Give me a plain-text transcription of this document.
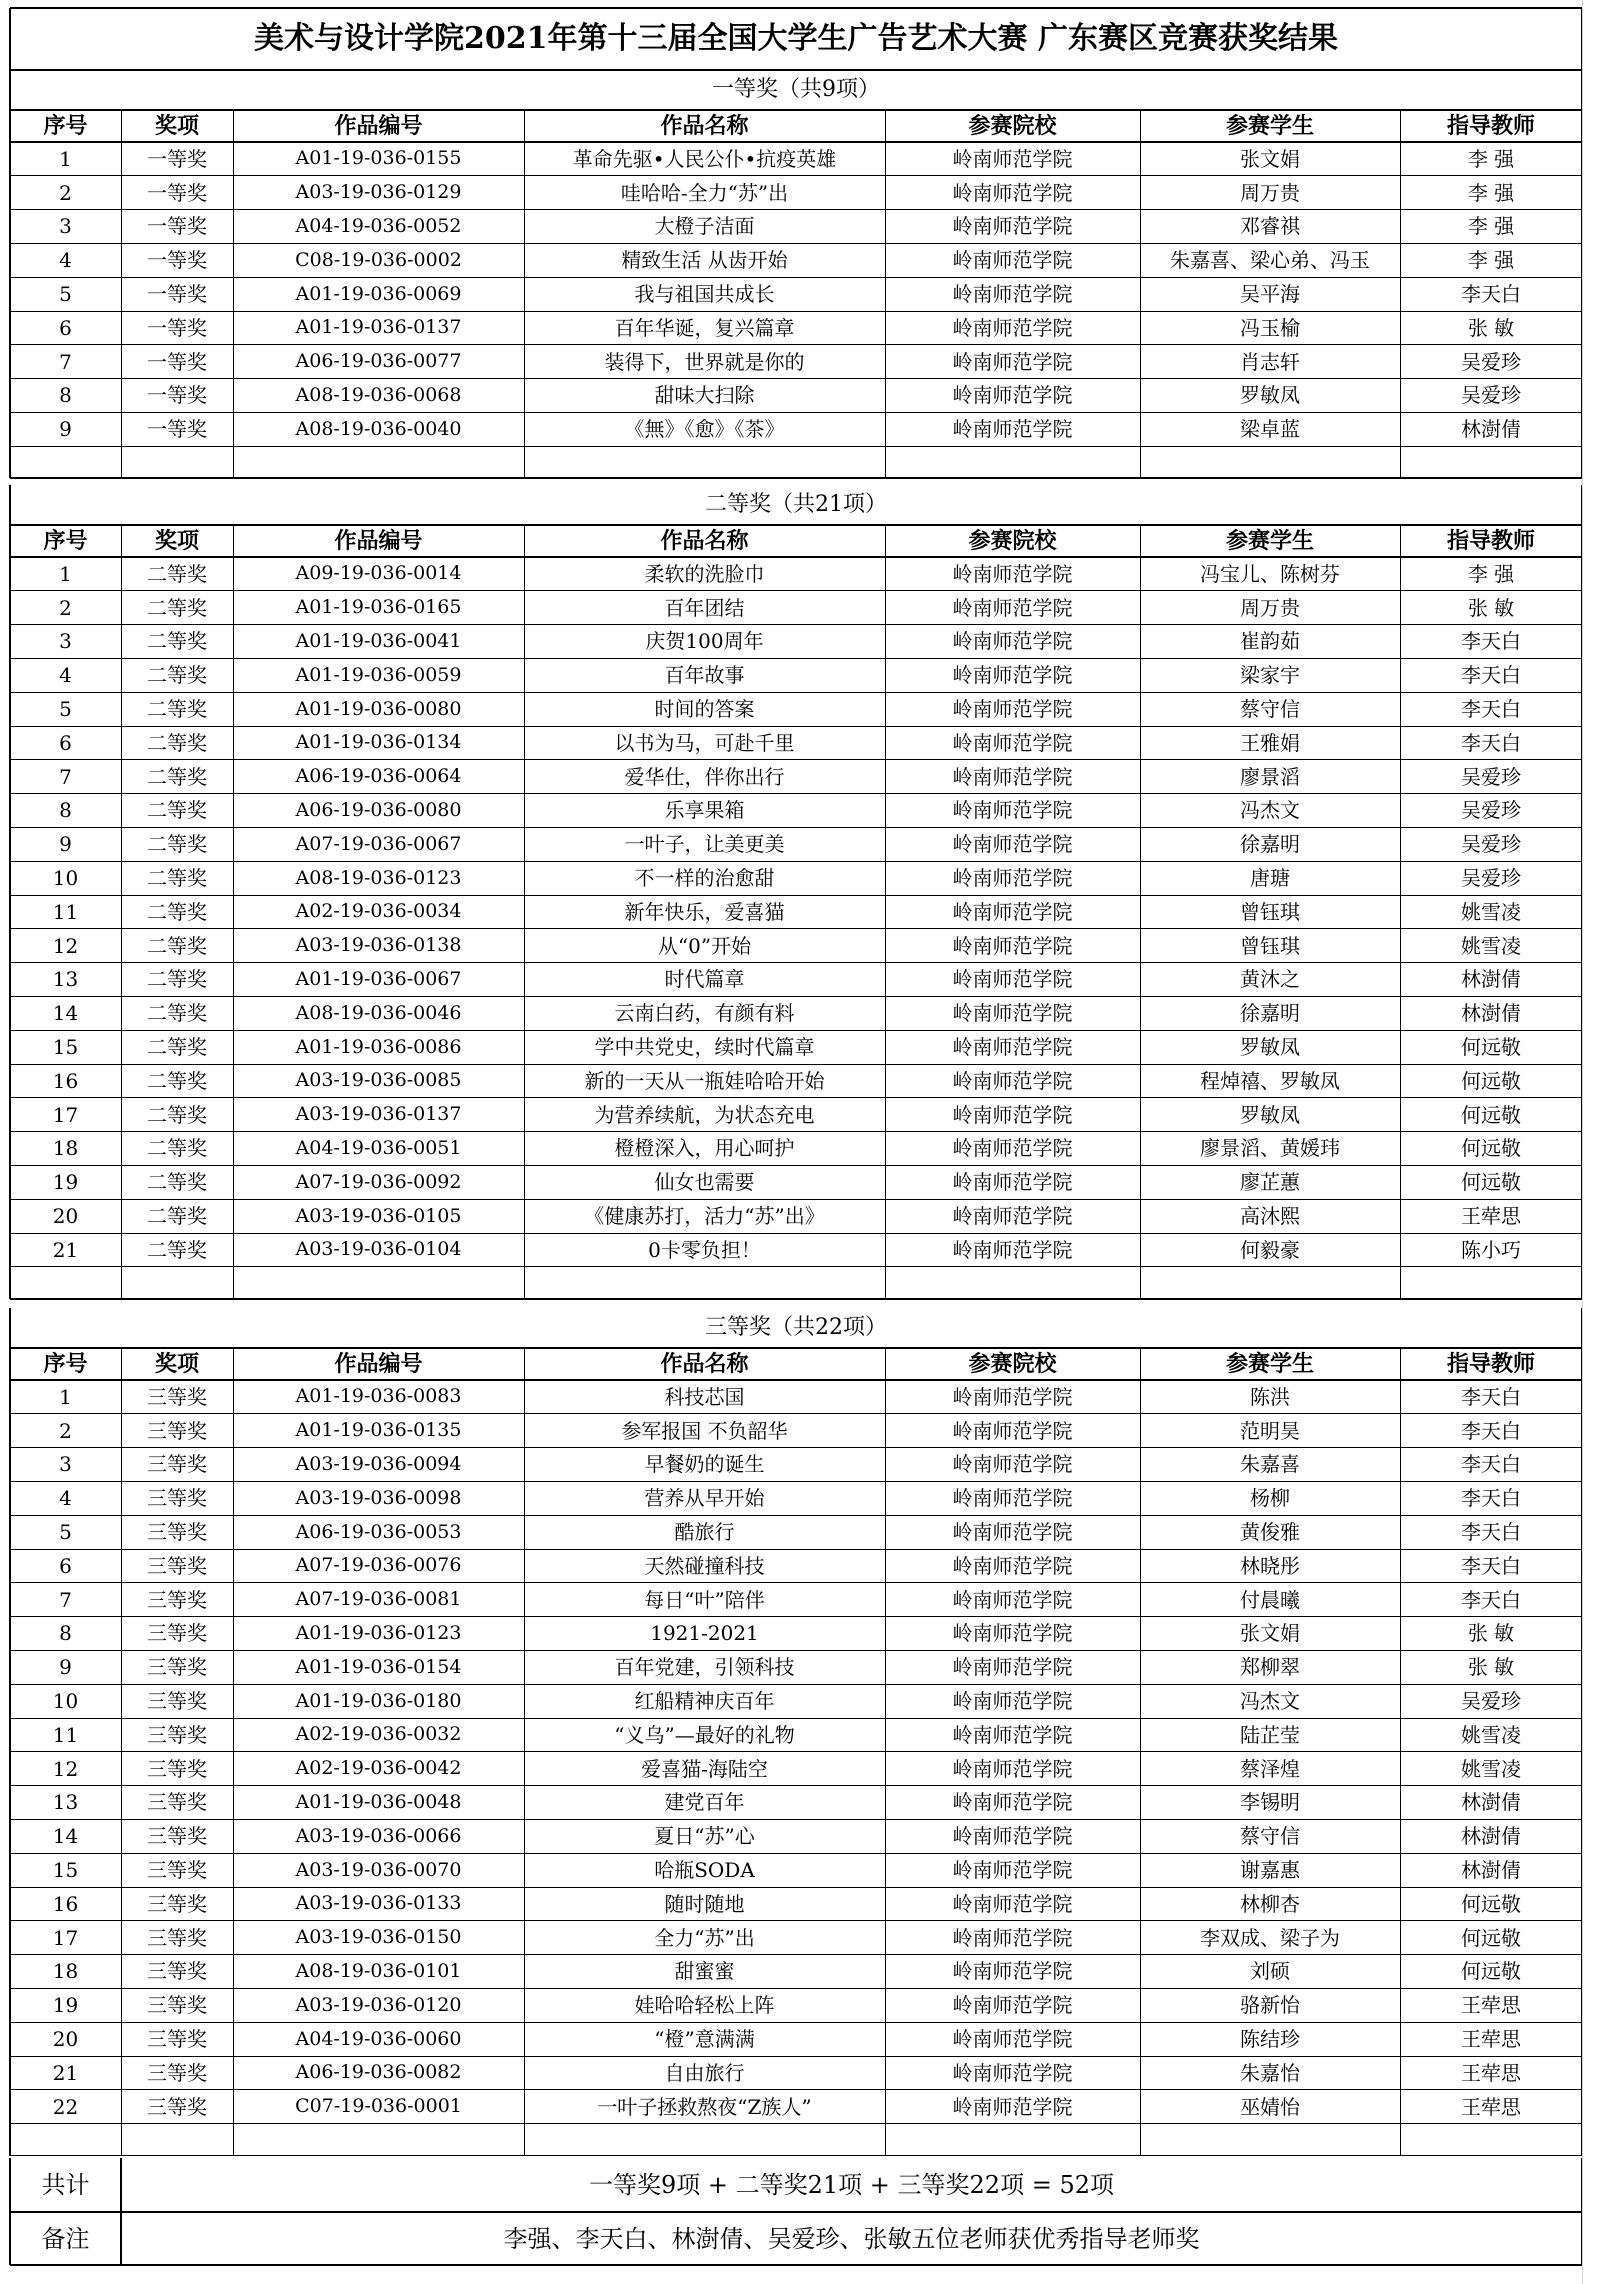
美术与设计学院2021年第十三届全国大学生广告艺术大赛 广东赛区竞赛获奖结果
一等奖（共9项）
序号	奖项	作品编号	作品名称	参赛院校	参赛学生	指导教师
1	一等奖	A01-19-036-0155	革命先驱•人民公仆•抗疫英雄	岭南师范学院	张文娟	李 强
2	一等奖	A03-19-036-0129	哇哈哈-全力“苏”出	岭南师范学院	周万贵	李 强
3	一等奖	A04-19-036-0052	大橙子洁面	岭南师范学院	邓睿祺	李 强
4	一等奖	C08-19-036-0002	精致生活 从齿开始	岭南师范学院	朱嘉喜、梁心弟、冯玉	李 强
5	一等奖	A01-19-036-0069	我与祖国共成长	岭南师范学院	吴平海	李天白
6	一等奖	A01-19-036-0137	百年华诞，复兴篇章	岭南师范学院	冯玉榆	张 敏
7	一等奖	A06-19-036-0077	装得下，世界就是你的	岭南师范学院	肖志轩	吴爱珍
8	一等奖	A08-19-036-0068	甜味大扫除	岭南师范学院	罗敏凤	吴爱珍
9	一等奖	A08-19-036-0040	《無》《愈》《茶》	岭南师范学院	梁卓蓝	林澍倩
二等奖（共21项）
序号	奖项	作品编号	作品名称	参赛院校	参赛学生	指导教师
1	二等奖	A09-19-036-0014	柔软的洗脸巾	岭南师范学院	冯宝儿、陈树芬	李 强
2	二等奖	A01-19-036-0165	百年团结	岭南师范学院	周万贵	张 敏
3	二等奖	A01-19-036-0041	庆贺100周年	岭南师范学院	崔韵茹	李天白
4	二等奖	A01-19-036-0059	百年故事	岭南师范学院	梁家宇	李天白
5	二等奖	A01-19-036-0080	时间的答案	岭南师范学院	蔡守信	李天白
6	二等奖	A01-19-036-0134	以书为马，可赴千里	岭南师范学院	王雅娟	李天白
7	二等奖	A06-19-036-0064	爱华仕，伴你出行	岭南师范学院	廖景滔	吴爱珍
8	二等奖	A06-19-036-0080	乐享果箱	岭南师范学院	冯杰文	吴爱珍
9	二等奖	A07-19-036-0067	一叶子，让美更美	岭南师范学院	徐嘉明	吴爱珍
10	二等奖	A08-19-036-0123	不一样的治愈甜	岭南师范学院	唐瑭	吴爱珍
11	二等奖	A02-19-036-0034	新年快乐，爱喜猫	岭南师范学院	曾钰琪	姚雪凌
12	二等奖	A03-19-036-0138	从“0”开始	岭南师范学院	曾钰琪	姚雪凌
13	二等奖	A01-19-036-0067	时代篇章	岭南师范学院	黄沐之	林澍倩
14	二等奖	A08-19-036-0046	云南白药，有颜有料	岭南师范学院	徐嘉明	林澍倩
15	二等奖	A01-19-036-0086	学中共党史，续时代篇章	岭南师范学院	罗敏凤	何远敬
16	二等奖	A03-19-036-0085	新的一天从一瓶娃哈哈开始	岭南师范学院	程焯禧、罗敏凤	何远敬
17	二等奖	A03-19-036-0137	为营养续航，为状态充电	岭南师范学院	罗敏凤	何远敬
18	二等奖	A04-19-036-0051	橙橙深入，用心呵护	岭南师范学院	廖景滔、黄媛玮	何远敬
19	二等奖	A07-19-036-0092	仙女也需要	岭南师范学院	廖芷蕙	何远敬
20	二等奖	A03-19-036-0105	《健康苏打，活力“苏”出》	岭南师范学院	高沐熙	王荦思
21	二等奖	A03-19-036-0104	0卡零负担！	岭南师范学院	何毅豪	陈小巧
三等奖（共22项）
序号	奖项	作品编号	作品名称	参赛院校	参赛学生	指导教师
1	三等奖	A01-19-036-0083	科技芯国	岭南师范学院	陈洪	李天白
2	三等奖	A01-19-036-0135	参军报国 不负韶华	岭南师范学院	范明昊	李天白
3	三等奖	A03-19-036-0094	早餐奶的诞生	岭南师范学院	朱嘉喜	李天白
4	三等奖	A03-19-036-0098	营养从早开始	岭南师范学院	杨柳	李天白
5	三等奖	A06-19-036-0053	酷旅行	岭南师范学院	黄俊雅	李天白
6	三等奖	A07-19-036-0076	天然碰撞科技	岭南师范学院	林晓彤	李天白
7	三等奖	A07-19-036-0081	每日“叶”陪伴	岭南师范学院	付晨曦	李天白
8	三等奖	A01-19-036-0123	1921-2021	岭南师范学院	张文娟	张 敏
9	三等奖	A01-19-036-0154	百年党建，引领科技	岭南师范学院	郑柳翠	张 敏
10	三等奖	A01-19-036-0180	红船精神庆百年	岭南师范学院	冯杰文	吴爱珍
11	三等奖	A02-19-036-0032	“义乌”—最好的礼物	岭南师范学院	陆芷莹	姚雪凌
12	三等奖	A02-19-036-0042	爱喜猫-海陆空	岭南师范学院	蔡泽煌	姚雪凌
13	三等奖	A01-19-036-0048	建党百年	岭南师范学院	李锡明	林澍倩
14	三等奖	A03-19-036-0066	夏日“苏”心	岭南师范学院	蔡守信	林澍倩
15	三等奖	A03-19-036-0070	哈瓶SODA	岭南师范学院	谢嘉惠	林澍倩
16	三等奖	A03-19-036-0133	随时随地	岭南师范学院	林柳杏	何远敬
17	三等奖	A03-19-036-0150	全力“苏”出	岭南师范学院	李双成、梁子为	何远敬
18	三等奖	A08-19-036-0101	甜蜜蜜	岭南师范学院	刘硕	何远敬
19	三等奖	A03-19-036-0120	娃哈哈轻松上阵	岭南师范学院	骆新怡	王荦思
20	三等奖	A04-19-036-0060	“橙”意满满	岭南师范学院	陈结珍	王荦思
21	三等奖	A06-19-036-0082	自由旅行	岭南师范学院	朱嘉怡	王荦思
22	三等奖	C07-19-036-0001	一叶子拯救熬夜“Z族人”	岭南师范学院	巫婧怡	王荦思
共计	一等奖9项 + 二等奖21项 + 三等奖22项 = 52项
备注	李强、李天白、林澍倩、吴爱珍、张敏五位老师获优秀指导老师奖
